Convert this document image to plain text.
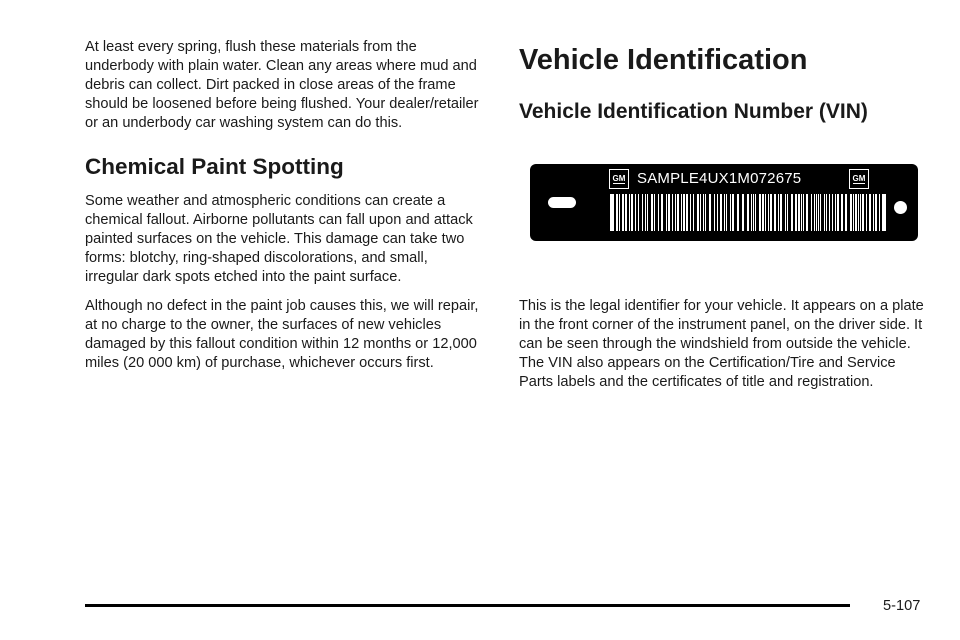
At least every spring, flush these materials from the underbody with plain water. Clean any areas where mud and debris can collect. Dirt packed in close areas of the frame should be loosened before being flushed. Your dealer/retailer or an underbody car washing system can do this.

Chemical Paint Spotting

Some weather and atmospheric conditions can create a chemical fallout. Airborne pollutants can fall upon and attack painted surfaces on the vehicle. This damage can take two forms: blotchy, ring-shaped discolorations, and small, irregular dark spots etched into the paint surface.

Although no defect in the paint job causes this, we will repair, at no charge to the owner, the surfaces of new vehicles damaged by this fallout condition within 12 months or 12,000 miles (20 000 km) of purchase, whichever occurs first.

Vehicle Identification
Vehicle Identification Number (VIN)
GM SAMPLE4UX1M072675	GM

This is the legal identifier for your vehicle. It appears on a plate in the front corner of the instrument panel, on the driver side. It can be seen through the windshield from outside the vehicle. The VIN also appears on the Certification/Tire and Service Parts labels and the certificates of title and registration.

5-107
